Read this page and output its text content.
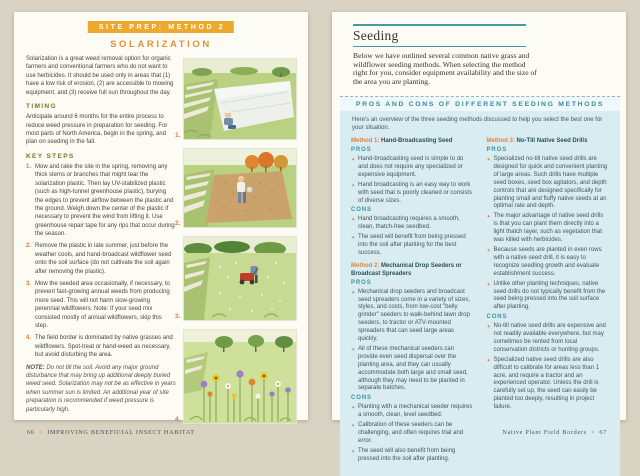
SITE PREP: METHOD 2
SOLARIZATION

Solarization is a great weed removal option for organic farmers and conventional farmers who do not want to use herbicides. It should be used only in areas that (1) have a low risk of erosion, (2) are accessible to mowing equipment, and (3) receive full sun throughout the day.

TIMING

Anticipate around 6 months for the entire process to reduce weed pressure in preparation for seeding. For most parts of North America, begin in the spring, and plan on seeding in the fall.

KEY STEPS
1. Mow and rake the site in the spring, removing any thick stems or branches that might tear the solarization plastic. Then lay UV-stabilized plastic (such as high-tunnel greenhouse plastic), burying the edges to prevent airflow between the plastic and the ground. Weigh down the center of the plastic if necessary to prevent the wind from lifting it. Use greenhouse repair tape for any rips that occur during the season.
2. Remove the plastic in late summer, just before the weather cools, and hand-broadcast wildflower seed onto the soil surface (do not cultivate the soil again after removing the plastic).
3. Mow the seeded area occasionally, if necessary, to prevent fast-growing annual weeds from producing more seed. This will not harm slow-growing perennial wildflowers. Note: If your seed mix consisted mostly of annual wildflowers, skip this step.
4. The field border is dominated by native grasses and wildflowers. Spot-treat or hand-weed as necessary, but avoid disturbing the area.

NOTE: Do not till the soil. Avoid any major ground disturbance that may bring up additional deeply buried weed seed. Solarization may not be as effective in years when summer sun is limited. An additional year of site preparation is recommended if weed pressure is particularly high.

1.
2.
3.
4.
Seeding

Below we have outlined several common native grass and wildflower seeding methods. When selecting the method right for you, consider equipment availability and the size of the area you are planting.

PROS AND CONS OF DIFFERENT SEEDING METHODS
Here's an overview of the three seeding methods discussed to help you select the best one for your situation.
Method 1: Hand-Broadcasting Seed
PROS
✦ Hand-broadcasting seed is simple to do and does not require any specialized or expensive equipment.
✦ Hand broadcasting is an easy way to work with seed that is poorly cleaned or consists of diverse sizes.
CONS
✦ Hand broadcasting requires a smooth, clean, thatch-free seedbed.
✦ The seed will benefit from being pressed into the soil after planting for the best success.
Method 2: Mechanical Drop Seeders or Broadcast Spreaders
PROS
✦ Mechanical drop seeders and broadcast seed spreaders come in a variety of sizes, styles, and costs, from low-cost "belly grinder" seeders to walk-behind lawn drop seeders, to tractor or ATV-mounted spreaders that can seed large areas quickly.
✦ All of these mechanical seeders can provide even seed dispersal over the planting area, and they can usually accommodate both large and small seed, although they may need to be planted in separate batches.
CONS
✦ Planting with a mechanical seeder requires a smooth, clean, level seedbed.
✦ Calibration of these seeders can be challenging, and often requires trial and error.
✦ The seed will also benefit from being pressed into the soil after planting.
Method 3: No-Till Native Seed Drills
PROS
✦ Specialized no-till native seed drills are designed for quick and convenient planting of large areas. Such drills have multiple seed boxes, seed box agitators, and depth controls that are designed specifically for planting small and fluffy native seeds at an optimal rate and depth.
✦ The major advantage of native seed drills is that you can plant them directly into a light thatch layer, such as vegetation that was killed with herbicides.
✦ Because seeds are planted in even rows with a native seed drill, it is easy to recognize seedling growth and evaluate establishment success.
✦ Unlike other planting techniques, native seed drills do not typically benefit from the seed being pressed into the soil surface after planting.
CONS
✦ No-till native seed drills are expensive and not readily available everywhere, but may sometimes be rented from local conservation districts or hunting groups.
✦ Specialized native seed drills are also difficult to calibrate for areas less than 1 acre, and require a tractor and an experienced operator. Unless the drill is carefully set up, the seed can easily be planted too deeply, resulting in project failure.
66 ✦ IMPROVING BENEFICIAL INSECT HABITAT	Native Plant Field Borders ✦ 67
